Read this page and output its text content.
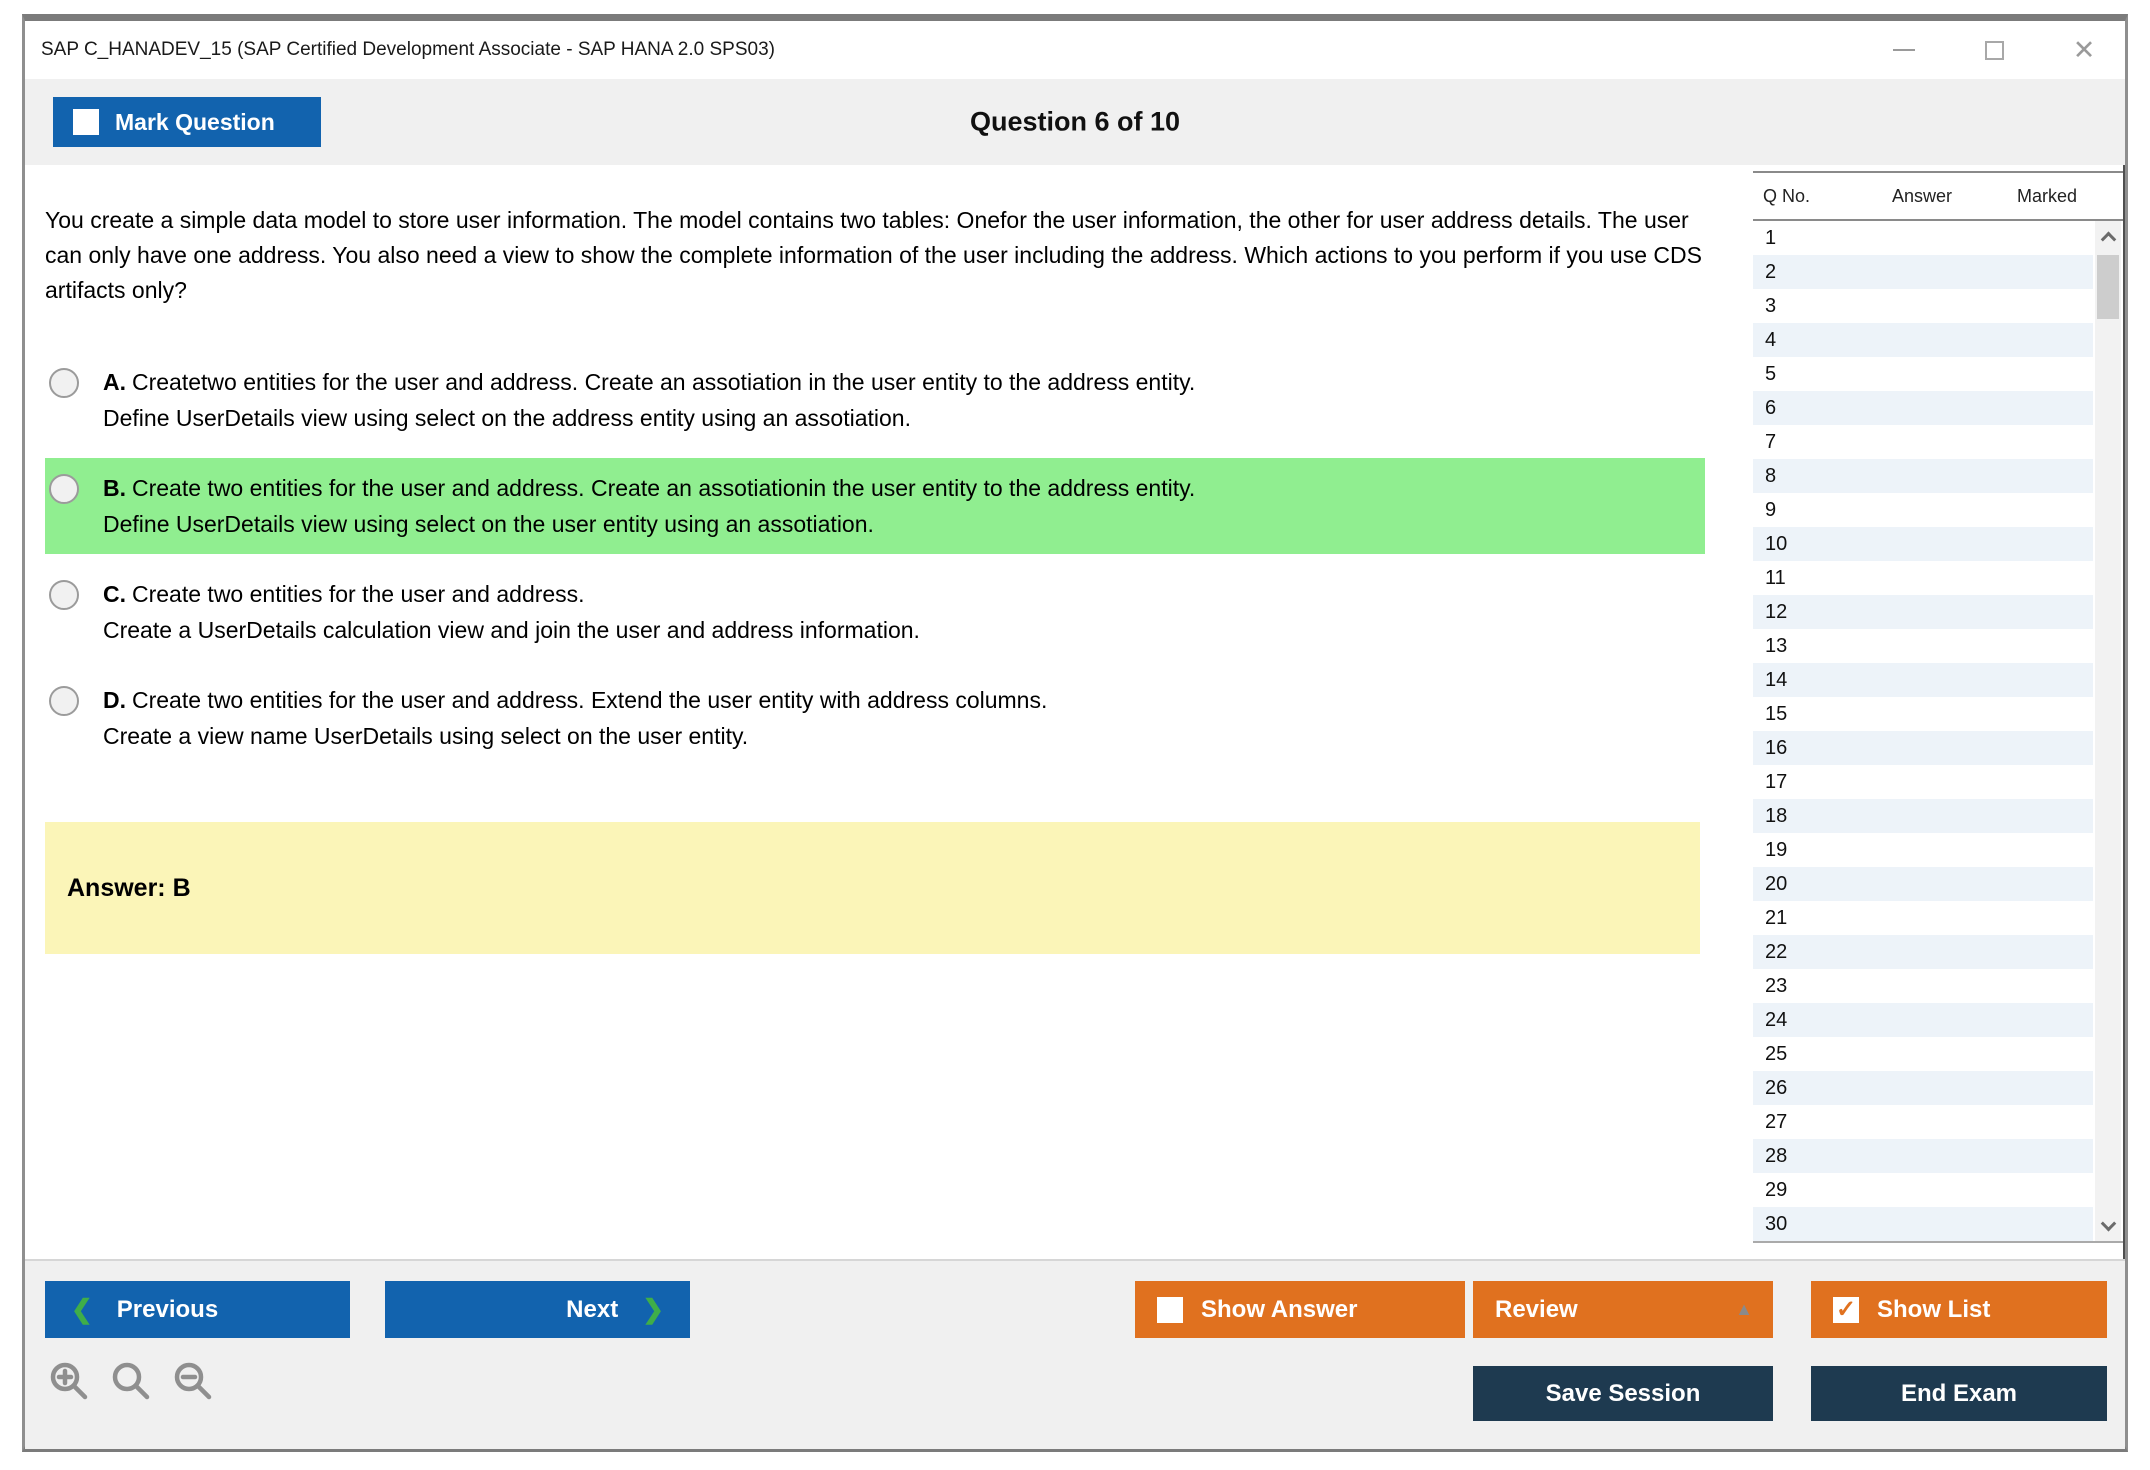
SAP C_HANADEV_15 (SAP Certified Development Associate - SAP HANA 2.0 SPS03)	✕
Question 6 of 10
Mark Question
You create a simple data model to store user information. The model contains two tables: Onefor the user information, the other for user address details. The user can only have one address. You also need a view to show the complete information of the user including the address. Which actions to you perform if you use CDS artifacts only?
A. Createtwo entities for the user and address. Create an assotiation in the user entity to the address entity.
Define UserDetails view using select on the address entity using an assotiation.
B. Create two entities for the user and address. Create an assotiationin the user entity to the address entity.
Define UserDetails view using select on the user entity using an assotiation.
C. Create two entities for the user and address.
Create a UserDetails calculation view and join the user and address information.
D. Create two entities for the user and address. Extend the user entity with address columns.
Create a view name UserDetails using select on the user entity.
Answer: B
Q No.	Answer	Marked
1
2
3
4
5
6
7
8
9
10
11
12
13
14
15
16
17
18
19
20
21
22
23
24
25
26
27
28
29
30
❮ Previous	Next ❯	Show Answer	Review	▲	✓ Show List
Save Session	End Exam
